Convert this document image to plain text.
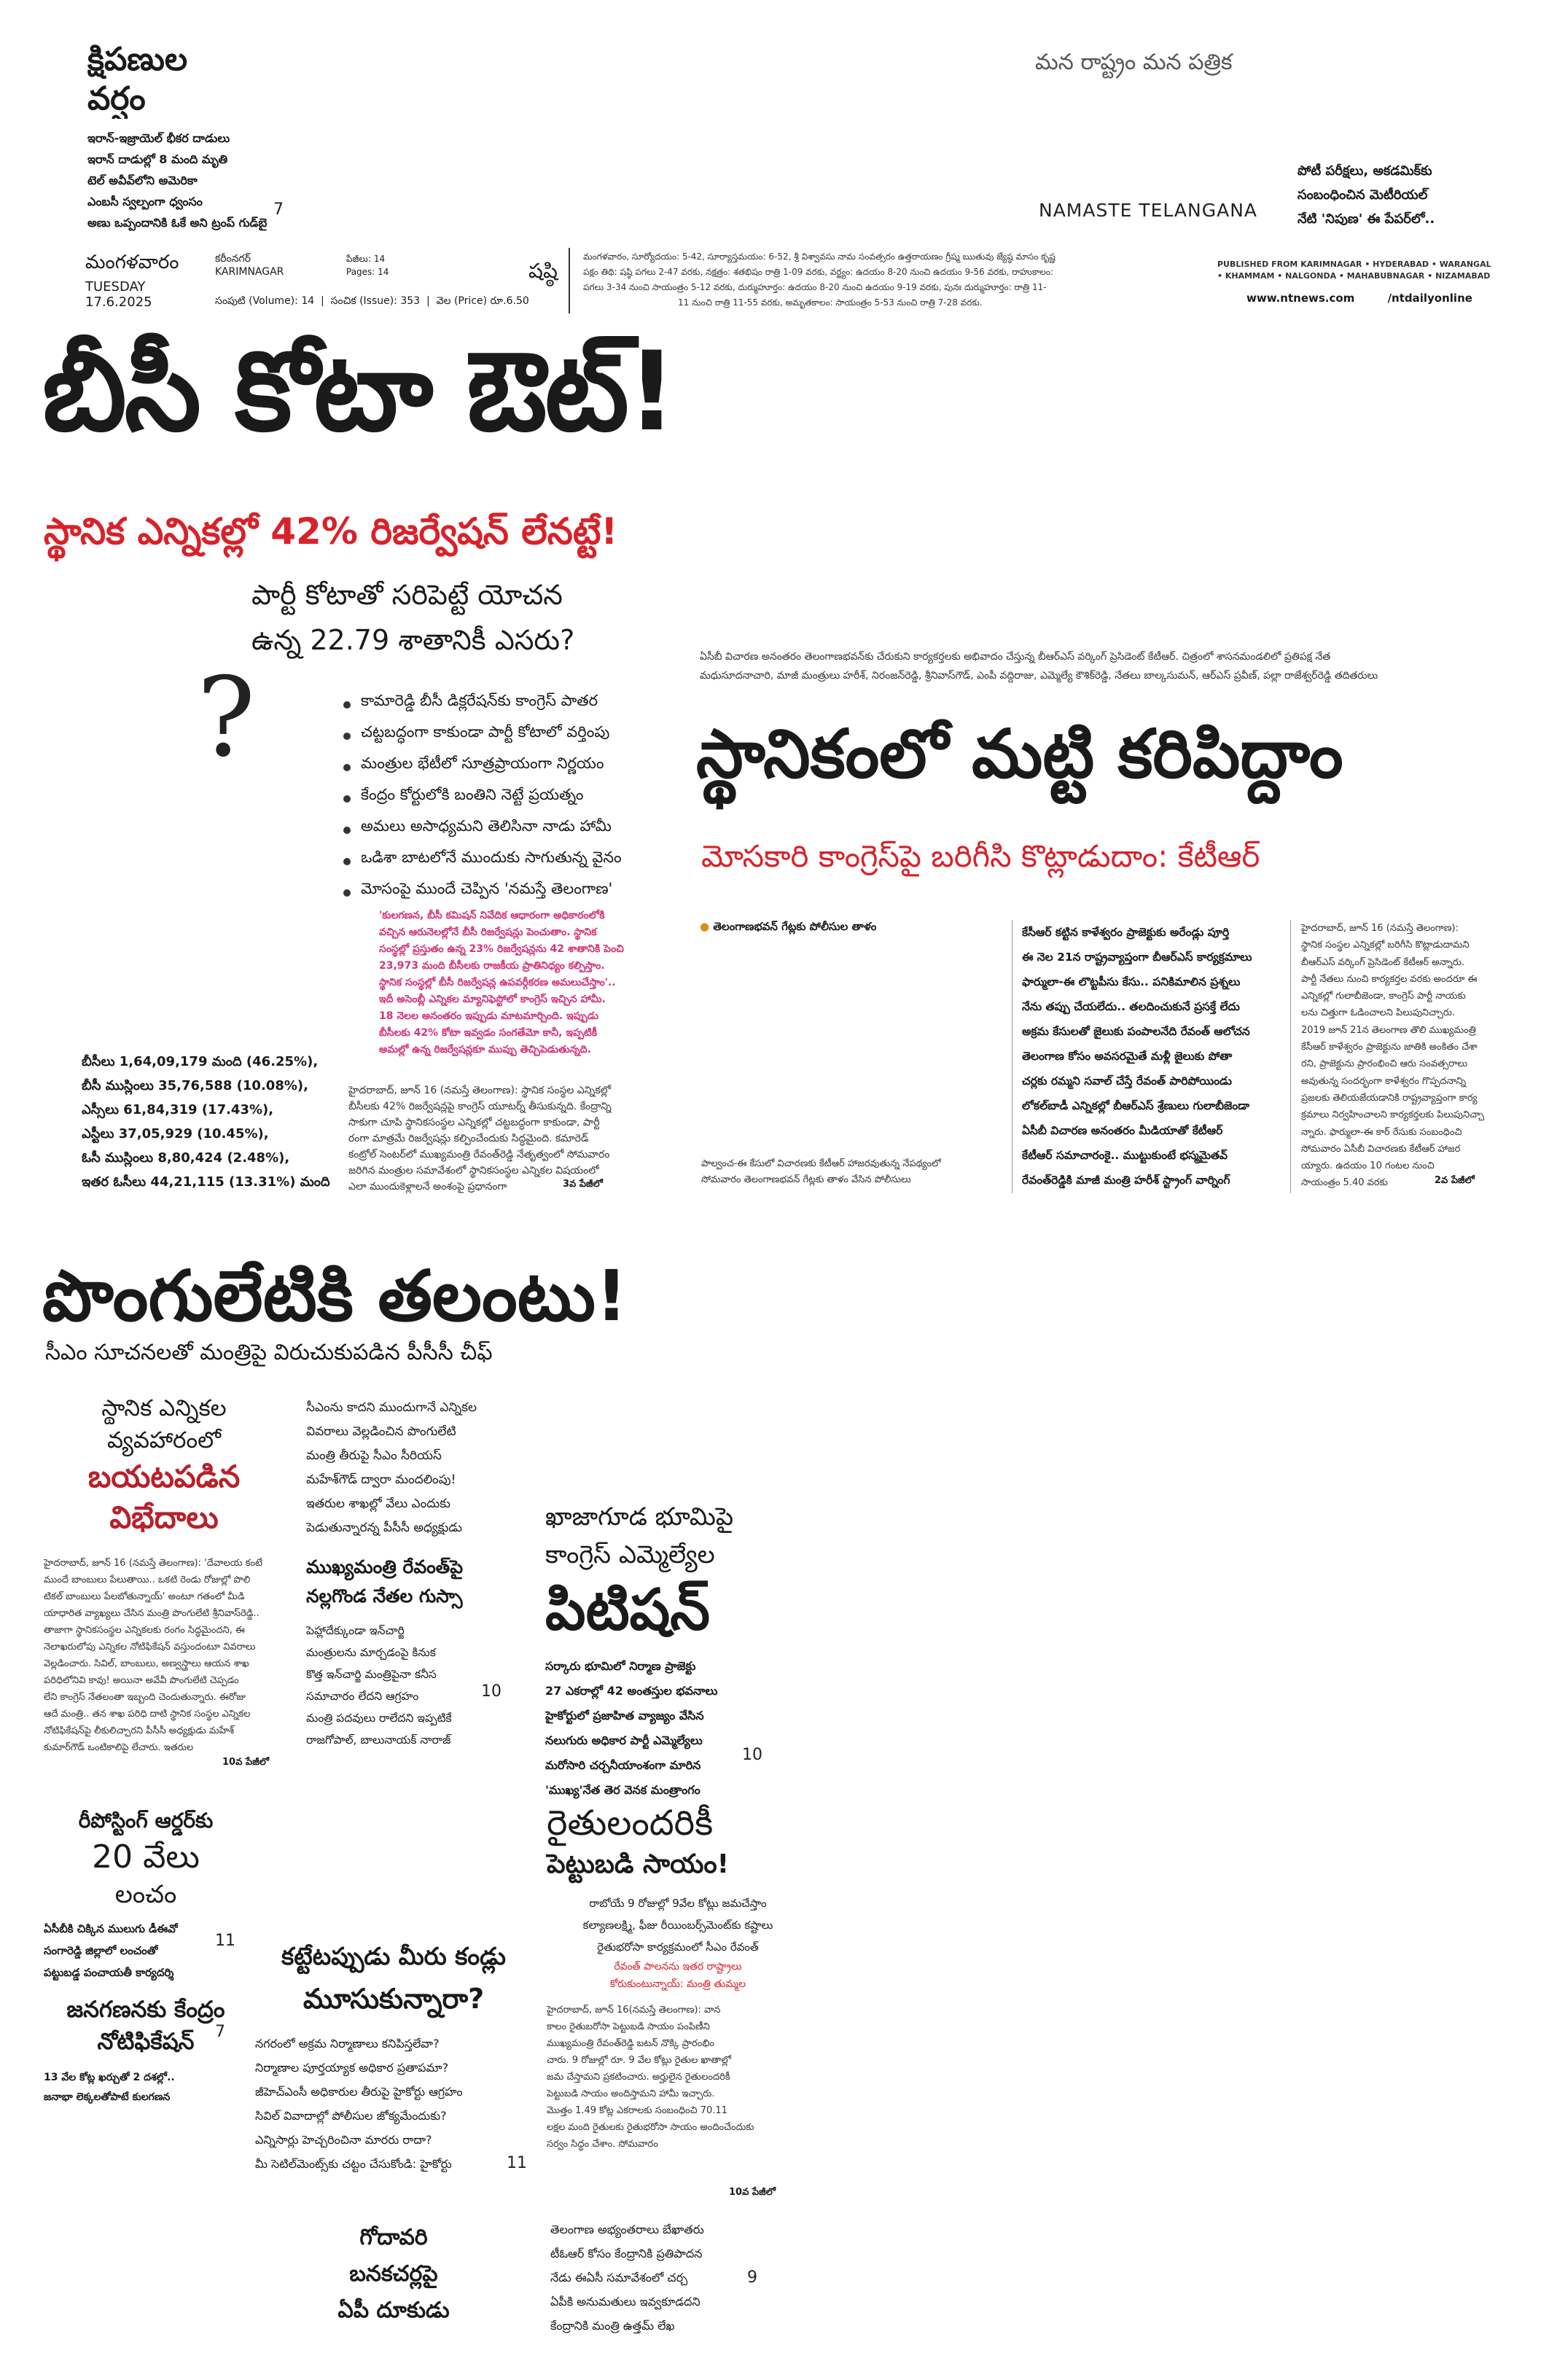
క్షిపణుల
వర్షం
ఇరాన్-ఇజ్రాయెల్ భీకర దాడులు
ఇరాన్ దాడుల్లో 8 మంది మృతి
టెల్ అవీవ్‌లోని అమెరికా
ఎంబసీ స్వల్పంగా ధ్వంసం
అణు ఒప్పందానికి ఓకే అని ట్రంప్ గుడ్‌బై
7
మన రాష్ట్రం మన పత్రిక
NAMASTE TELANGANA
పోటీ పరీక్షలు, అకడమిక్‌కు
సంబంధించిన మెటీరియల్
నేటి 'నిపుణ' ఈ పేపర్‌లో..
మంగళవారం
TUESDAY
17.6.2025
కరీంనగర్
KARIMNAGAR
పేజీలు: 14
Pages: 14
సంపుటి (Volume): 14  |  సంచిక (Issue): 353  |  వెల (Price) రూ.6.50
షష్ఠి
మంగళవారం, సూర్యోదయం: 5-42, సూర్యాస్తమయం: 6-52, శ్రీ విశ్వావసు నామ సంవత్సరం ఉత్తరాయణం గ్రీష్మ ఋతువు జ్యేష్ఠ మాసం కృష్ణ
పక్షం తిథి: షష్ఠి పగలు 2-47 వరకు, నక్షత్రం: శతభిషం రాత్రి 1-09 వరకు, వర్జ్యం: ఉదయం 8-20 నుంచి ఉదయం 9-56 వరకు, రాహుకాలం:
పగలు 3-34 నుంచి సాయంత్రం 5-12 వరకు, దుర్ముహూర్తం: ఉదయం 8-20 నుంచి ఉదయం 9-19 వరకు, పునః దుర్ముహూర్తం: రాత్రి 11-
11 నుంచి రాత్రి 11-55 వరకు, అమృతకాలం: సాయంత్రం 5-53 నుంచి రాత్రి 7-28 వరకు.
PUBLISHED FROM KARIMNAGAR • HYDERABAD • WARANGAL
• KHAMMAM • NALGONDA • MAHABUBNAGAR • NIZAMABAD
www.ntnews.com	/ntdailyonline
బీసీ కోటా ఔట్!
స్థానిక ఎన్నికల్లో 42% రిజర్వేషన్ లేనట్టే!
పార్టీ కోటాతో సరిపెట్టే యోచన
ఉన్న 22.79 శాతానికీ ఎసరు?
?	కామారెడ్డి బీసీ డిక్లరేషన్‌కు కాంగ్రెస్ పాతర
చట్టబద్ధంగా కాకుండా పార్టీ కోటాలో వర్తింపు
మంత్రుల భేటీలో సూత్రప్రాయంగా నిర్ణయం
కేంద్రం కోర్టులోకి బంతిని నెట్టే ప్రయత్నం
అమలు అసాధ్యమని తెలిసినా నాడు హామీ
ఒడిశా బాటలోనే ముందుకు సాగుతున్న వైనం
మోసంపై ముందే చెప్పిన 'నమస్తే తెలంగాణ'
'కులగణన, బీసీ కమిషన్ నివేదిక ఆధారంగా అధికారంలోకి
వచ్చిన ఆరునెలల్లోనే బీసీ రిజర్వేషన్లు పెంచుతాం. స్థానిక
సంస్థల్లో ప్రస్తుతం ఉన్న 23% రిజర్వేషన్లను 42 శాతానికి పెంచి
23,973 మంది బీసీలకు రాజకీయ ప్రాతినిధ్యం కల్పిస్తాం.
స్థానిక సంస్థల్లో బీసీ రిజర్వేషన్ల ఉపవర్గీకరణ అమలుచేస్తాం'..
ఇదీ అసెంబ్లీ ఎన్నికల మ్యానిఫెస్టోలో కాంగ్రెస్ ఇచ్చిన హామీ.
18 నెలల అనంతరం ఇప్పుడు మాటమార్చింది. ఇప్పుడు
బీసీలకు 42% కోటా ఇవ్వడం సంగతేమో కానీ, ఇప్పటికీ
అమల్లో ఉన్న రిజర్వేషన్లకూ ముప్పు తెచ్చిపెడుతున్నది.
హైదరాబాద్, జూన్ 16 (నమస్తే తెలంగాణ): స్థానిక సంస్థల ఎన్నికల్లో
బీసీలకు 42% రిజర్వేషన్లపై కాంగ్రెస్ యూటర్న్ తీసుకున్నది. కేంద్రాన్ని
సాకుగా చూపి స్థానికసంస్థల ఎన్నికల్లో చట్టబద్ధంగా కాకుండా, పార్టీ
రంగా మాత్రమే రిజర్వేషన్లు కల్పించేందుకు సిద్ధమైంది. కమారెడ్
కంట్రోల్ సెంటర్‌లో ముఖ్యమంత్రి రేవంత్‌రెడ్డి నేతృత్వంలో సోమవారం
జరిగిన మంత్రుల సమావేశంలో స్థానికసంస్థల ఎన్నికల విషయంలో
ఎలా ముందుకెళ్లాలనే అంశంపై ప్రధానంగా	3వ పేజీలో
బీసీలు 1,64,09,179 మంది (46.25%),
బీసీ ముస్లింలు 35,76,588 (10.08%),
ఎస్సీలు 61,84,319 (17.43%),
ఎస్టీలు 37,05,929 (10.45%),
ఓసీ ముస్లింలు 8,80,424 (2.48%),
ఇతర ఓసీలు 44,21,115 (13.31%) మంది
ఏసీబీ విచారణ అనంతరం తెలంగాణభవన్‌కు చేరుకుని కార్యకర్తలకు అభివాదం చేస్తున్న బీఆర్‌ఎస్ వర్కింగ్ ప్రెసిడెంట్ కేటీఆర్. చిత్రంలో శాసనమండలిలో ప్రతిపక్ష నేత
మధుసూదనాచారి, మాజీ మంత్రులు హరీశ్, నిరంజన్‌రెడ్డి, శ్రీనివాస్‌గౌడ్, ఎంపీ వద్దిరాజు, ఎమ్మెల్యే కౌశిక్‌రెడ్డి, నేతలు బాల్కసుమన్, ఆర్‌ఎస్ ప్రవీణ్, పల్లా రాజేశ్వర్‌రెడ్డి తదితరులు
స్థానికంలో మట్టి కరిపిద్దాం
మోసకారి కాంగ్రెస్‌పై బరిగీసి కొట్లాడుదాం: కేటీఆర్
● తెలంగాణభవన్ గేట్లకు పోలీసుల తాళం
పాల్వంచ-ఈ కేసులో విచారణకు కేటీఆర్ హాజరవుతున్న నేపథ్యంలో
సోమవారం తెలంగాణభవన్ గేట్లకు తాళం వేసిన పోలీసులు
కేసీఆర్ కట్టిన కాళేశ్వరం ప్రాజెక్టుకు అరేండ్లు పూర్తి
ఈ నెల 21న రాష్ట్రవ్యాప్తంగా బీఆర్‌ఎస్ కార్యక్రమాలు
ఫార్ములా-ఈ లొట్టపీసు కేసు.. పనికిమాలిన ప్రశ్నలు
నేను తప్పు చేయలేదు.. తలదించుకునే ప్రసక్తే లేదు
అక్రమ కేసులతో జైలుకు పంపాలనేది రేవంత్ ఆలోచన
తెలంగాణ కోసం అవసరమైతే మళ్లీ జైలుకు పోతా
చర్లకు రమ్మని సవాల్ చేస్తే రేవంత్ పారిపోయిండు
లోకల్‌బాడీ ఎన్నికల్లో బీఆర్‌ఎస్ శ్రేణులు గులాబీజెండా
ఏసీబీ విచారణ అనంతరం మీడియాతో కేటీఆర్
కేటీఆర్ సమాచారంకై.. ముట్టుకుంటే భస్మమైతవ్
రేవంత్‌రెడ్డికి మాజీ మంత్రి హరీశ్ స్ట్రాంగ్ వార్నింగ్
హైదరాబాద్, జూన్ 16 (నమస్తే తెలంగాణ):
స్థానిక సంస్థల ఎన్నికల్లో బరిగీసి కొట్లాడుదామని
బీఆర్‌ఎస్ వర్కింగ్ ప్రెసిడెంట్ కేటీఆర్ అన్నారు.
పార్టీ నేతలు నుంచి కార్యకర్తల వరకు అందరూ ఈ
ఎన్నికల్లో గులాబీజెండా, కాంగ్రెస్ పార్టీ నాయకు
లను చిత్తుగా ఓడించాలని పిలుపునిచ్చారు.
2019 జూన్ 21న తెలంగాణ తొలి ముఖ్యమంత్రి
కేసీఆర్ కాళేశ్వరం ప్రాజెక్టును జాతికి అంకితం చేశా
రని, ప్రాజెక్టును ప్రారంభించి ఆరు సంవత్సరాలు
అవుతున్న సందర్భంగా కాళేశ్వరం గొప్పదనాన్ని
ప్రజలకు తెలియజేయడానికి రాష్ట్రవ్యాప్తంగా కార్య
క్రమాలు నిర్వహించాలని కార్యకర్తలకు పిలుపునిచ్చా
న్నారు. ఫార్ములా-ఈ కార్ రేసుకు సంబంధించి
సోమవారం ఏసీబీ విచారణకు కేటీఆర్ హాజర
య్యారు. ఉదయం 10 గంటల నుంచి
సాయంత్రం 5.40 వరకు	2వ పేజీలో
పొంగులేటికి తలంటు!
సీఎం సూచనలతో మంత్రిపై విరుచుకుపడిన పీసీసీ చీఫ్
స్థానిక ఎన్నికల
వ్యవహారంలో
బయటపడిన
విభేదాలు
సీఎంను కాదని ముందుగానే ఎన్నికల
వివరాలు వెల్లడించిన పొంగులేటి
మంత్రి తీరుపై సీఎం సీరియస్
మహేశ్‌గౌడ్ ద్వారా మందలింపు!
ఇతరుల శాఖల్లో వేలు ఎందుకు
పెడుతున్నారన్న పీసీసీ అధ్యక్షుడు
హైదరాబాద్, జూన్ 16 (నమస్తే తెలంగాణ): 'దేవాలయ కంటే
ముందే బాంబులు పేలుతాయి.. ఒకటి రెండు రోజుల్లో పొలి
టికల్ బాంబులు పేలబోతున్నాయ్' అంటూ గతంలో మీడి
యాధారిత వ్యాఖ్యలు చేసిన మంత్రి పొంగులేటి శ్రీనివాస్‌రెడ్డి..
తాజాగా స్థానికసంస్థల ఎన్నికలకు రంగం సిద్ధమైందని, ఈ
నెలాఖరులోపు ఎన్నికల నోటిఫికేషన్ వస్తుందంటూ వివరాలు
వెల్లడించారు. సివిల్‌, బాంబులు, అణ్వస్త్రాలు ఆయన శాఖ
పరిధిలోనివి కావు! అయినా అవేవీ పొంగులేటి చెప్పడం
లేని కాంగ్రెస్ నేతలంతా ఇబ్బంది చెందుతున్నారు. ఈరోజు
ఆదే మంత్రి.. తన శాఖ పరిధి దాటి స్థానిక సంస్థల ఎన్నికల
నోటిఫికేషన్‌పై లీకులిచ్చారని పీసీసీ అధ్యక్షుడు మహేశ్
కుమార్‌గౌడ్ ఒంటికాలిపై లేచారు. ఇతరుల
10వ పేజీలో
ముఖ్యమంత్రి రేవంత్‌పై
నల్లగొండ నేతల గుస్సా
పెహ్లాదేక్కుండా ఇన్‌చార్జి
మంత్రులను మార్చడంపై కినుక
కొత్త ఇన్‌చార్జి మంత్రిపైనా కనీస
సమాచారం లేదని ఆగ్రహం
మంత్రి పదవులు రాలేదని ఇప్పటికే
రాజగోపాల్, బాలునాయక్ నారాజ్
10
ఖాజాగూడ భూమిపై
కాంగ్రెస్ ఎమ్మెల్యేల
పిటిషన్
సర్కారు భూమిలో నిర్మాణ ప్రాజెక్టు
27 ఎకరాల్లో 42 అంతస్తుల భవనాలు
హైకోర్టులో ప్రజాహిత వ్యాజ్యం వేసిన
నలుగురు అధికార పార్టీ ఎమ్మెల్యేలు
మరోసారి చర్చనీయాంశంగా మారిన
'ముఖ్య'నేత తెర వెనక మంత్రాంగం
10
రీపోస్టింగ్ ఆర్డర్‌కు
20 వేలు
లంచం
ఏసీబీకి చిక్కిన ములుగు డీఈవో
సంగారెడ్డి జిల్లాలో లంచంతో
పట్టుబడ్డ పంచాయతీ కార్యదర్శి
11
జనగణనకు కేంద్రం
నోటిఫికేషన్
13 వేల కోట్ల ఖర్చుతో 2 దశల్లో..
జనాభా లెక్కలతోపాటే కులగణన
7
కట్టేటప్పుడు మీరు కండ్లు
మూసుకున్నారా?
నగరంలో అక్రమ నిర్మాణాలు కనిపిస్తలేవా?
నిర్మాణాల పూర్తయ్యాక అధికార ప్రతాపమా?
జీహెచ్‌ఎంసీ అధికారుల తీరుపై హైకోర్టు ఆగ్రహం
సివిల్ వివాదాల్లో పోలీసుల జోక్యమేందుకు?
ఎన్నిసార్లు హెచ్చరించినా మారరు రాదా?
మీ సెటిల్‌మెంట్స్‌కు చట్టం చేసుకోండి: హైకోర్టు	11
గోదావరి
బనకచర్లపై
ఏపీ దూకుడు
రైతులందరికీ
పెట్టుబడి సాయం!
రాబోయే 9 రోజుల్లో 9వేల కోట్లు జమచేస్తాం
కల్యాణలక్ష్మి, ఫీజు రీయింబర్స్‌మెంట్‌కు కష్టాలు
రైతుభరోసా కార్యక్రమంలో సీఎం రేవంత్
రేవంత్ పాలనను ఇతర రాష్ట్రాలు
కోరుకుంటున్నాయ్: మంత్రి తుమ్మల
హైదరాబాద్, జూన్ 16(నమస్తే తెలంగాణ): వాన
కాలం రైతుబరోసా పెట్టుబడి సాయం పంపిణీని
ముఖ్యమంత్రి రేవంత్‌రెడ్డి బటన్ నొక్కి ప్రారంభిం
చారు. 9 రోజుల్లో రూ. 9 వేల కోట్లు రైతుల ఖాతాల్లో
జమ చేస్తామని ప్రకటించారు. అర్హులైన రైతులందరికీ
పెట్టుబడి సాయం అందిస్తామని హామీ ఇచ్చారు.
మొత్తం 1.49 కోట్ల ఎకరాలకు సంబంధించి 70.11
లక్షల మంది రైతులకు రైతుభరోసా సాయం అందించేందుకు
సర్వం సిద్ధం చేశాం. సోమవారం
10వ పేజీలో
తెలంగాణ అభ్యంతరాలు బేఖాతరు
టీఓఆర్ కోసం కేంద్రానికి ప్రతిపాదన
నేడు ఈఏసీ సమావేశంలో చర్చ
ఏపీకి అనుమతులు ఇవ్వకూడదని
కేంద్రానికి మంత్రి ఉత్తమ్ లేఖ
9
